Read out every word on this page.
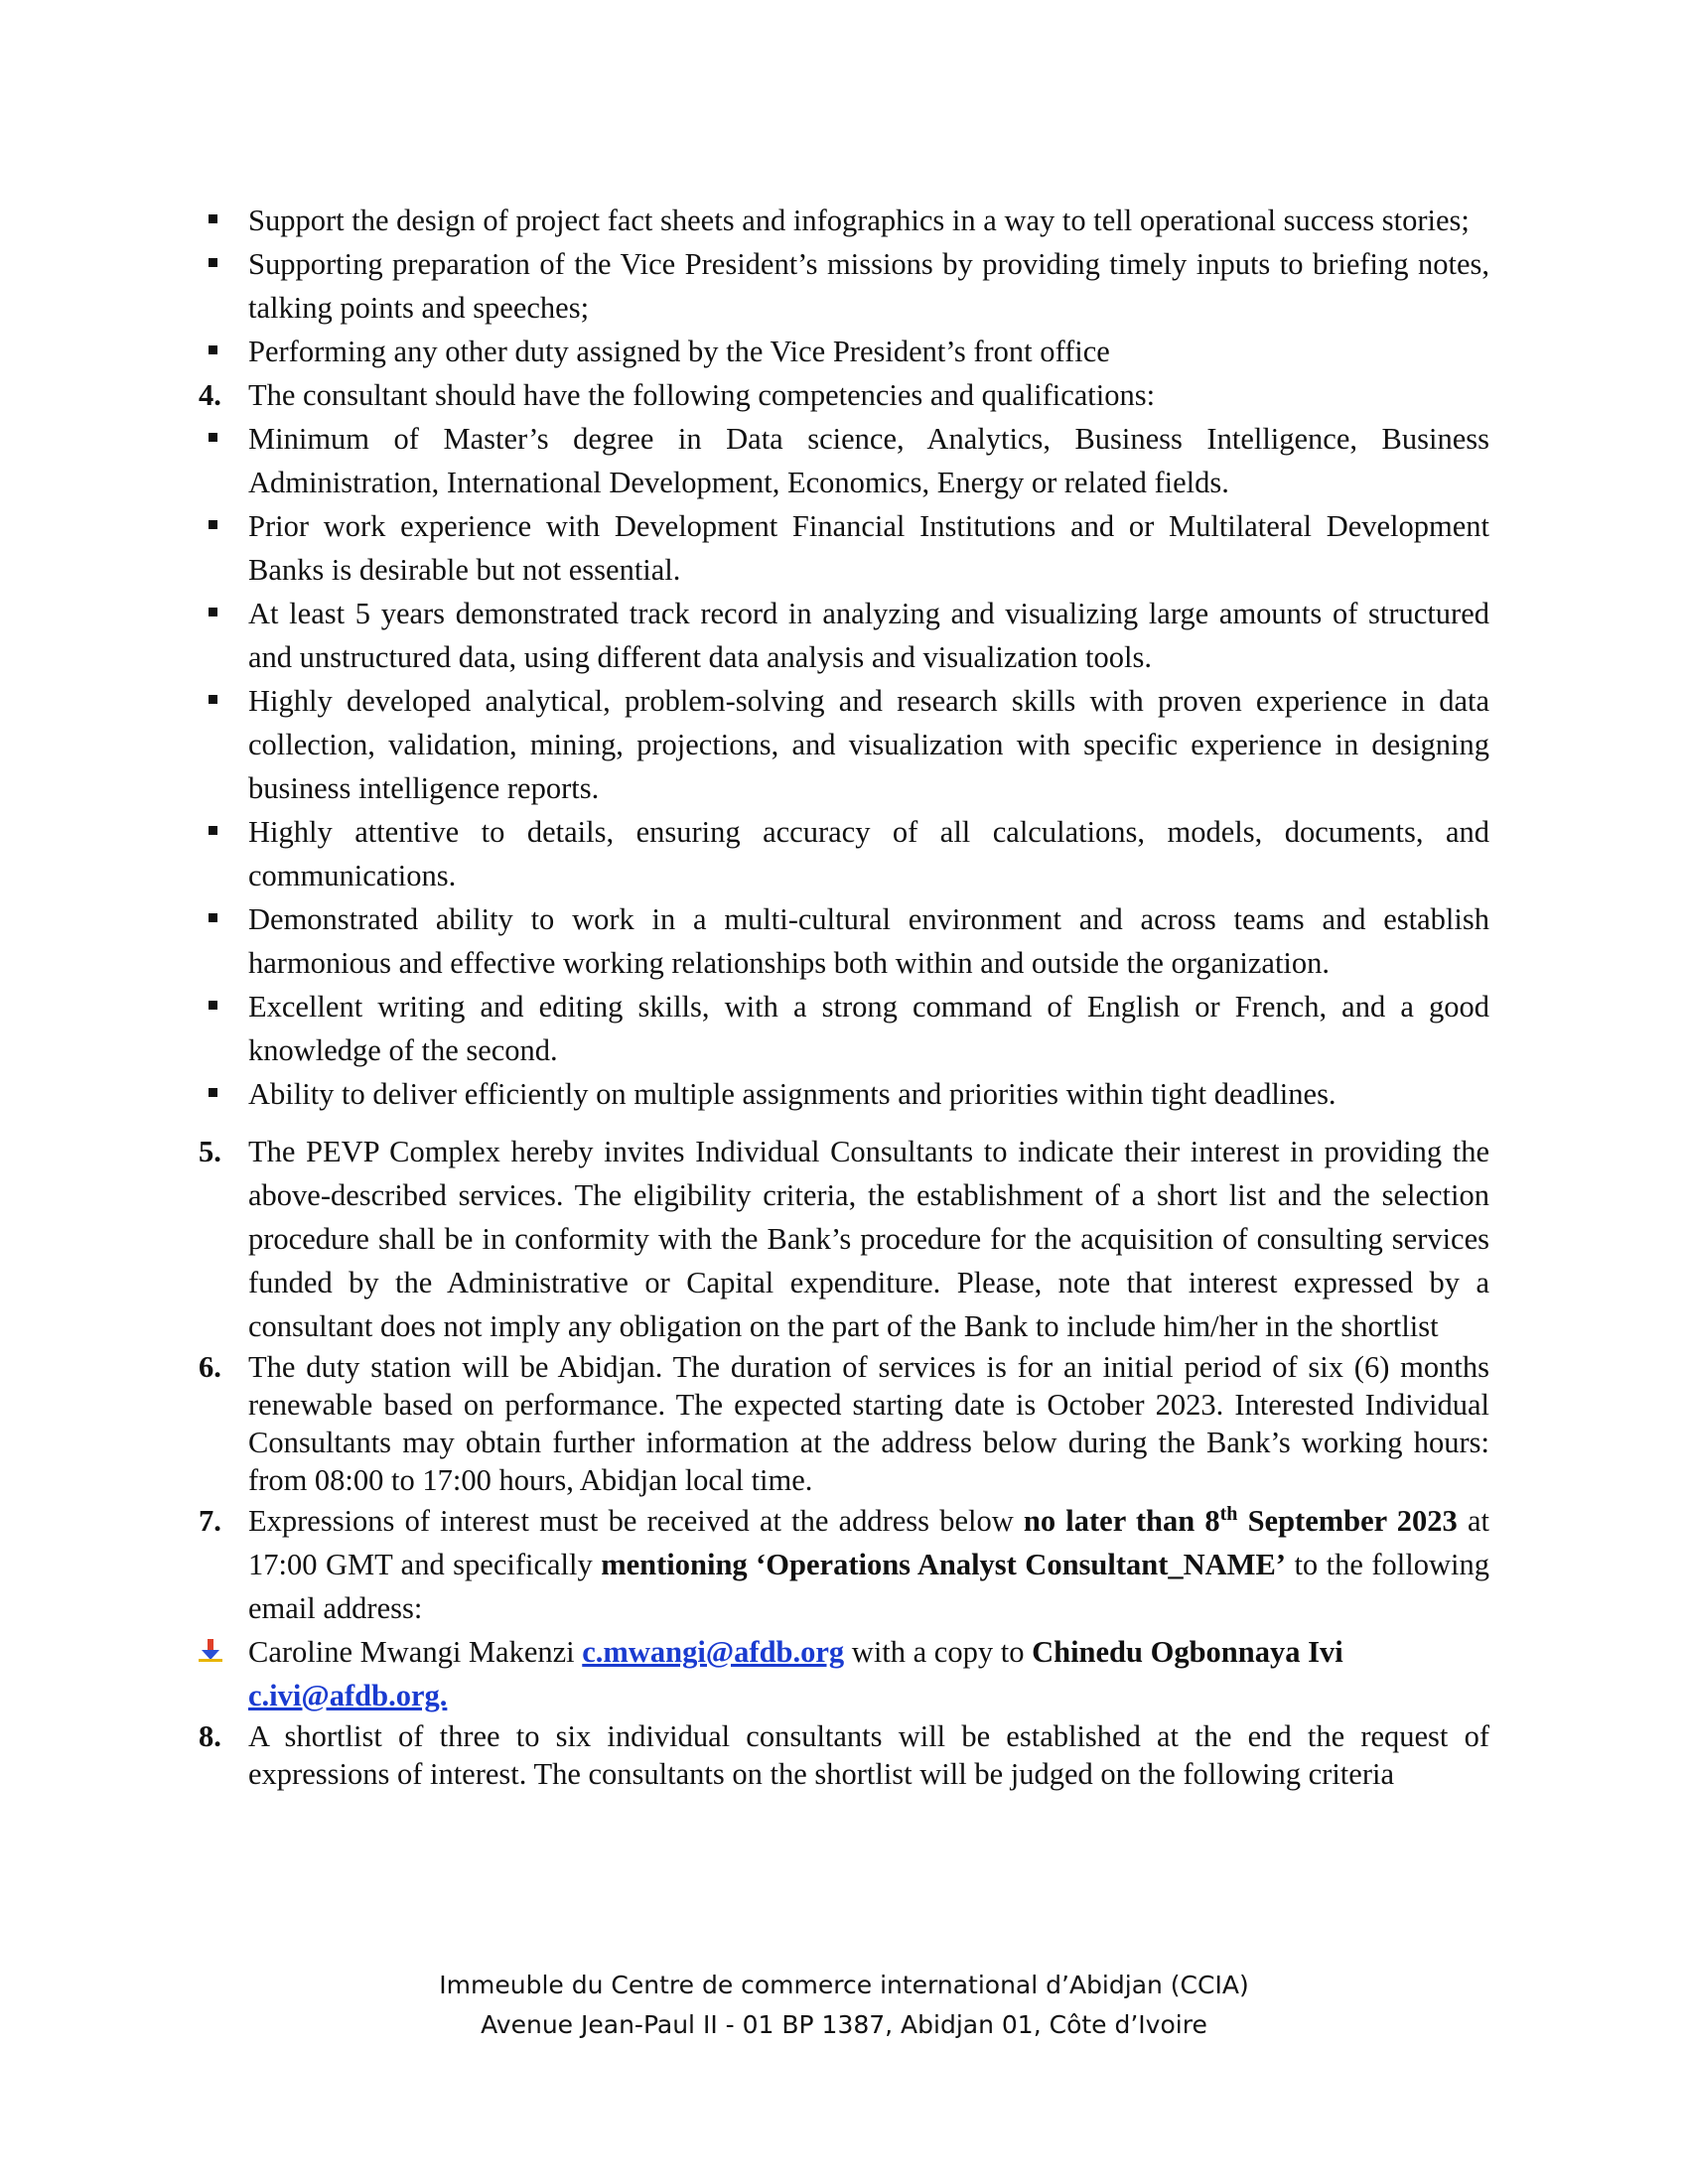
Support the design of project fact sheets and infographics in a way to tell operational success stories;
Supporting preparation of the Vice President’s missions by providing timely inputs to briefing notes, talking points and speeches;
Performing any other duty assigned by the Vice President’s front office
4. The consultant should have the following competencies and qualifications:
Minimum of Master’s degree in Data science, Analytics, Business Intelligence, Business Administration, International Development, Economics, Energy or related fields.
Prior work experience with Development Financial Institutions and or Multilateral Development Banks is desirable but not essential.
At least 5 years demonstrated track record in analyzing and visualizing large amounts of structured and unstructured data, using different data analysis and visualization tools.
Highly developed analytical, problem-solving and research skills with proven experience in data collection, validation, mining, projections, and visualization with specific experience in designing business intelligence reports.
Highly attentive to details, ensuring accuracy of all calculations, models, documents, and communications.
Demonstrated ability to work in a multi-cultural environment and across teams and establish harmonious and effective working relationships both within and outside the organization.
Excellent writing and editing skills, with a strong command of English or French, and a good knowledge of the second.
Ability to deliver efficiently on multiple assignments and priorities within tight deadlines.
5. The PEVP Complex hereby invites Individual Consultants to indicate their interest in providing the above-described services. The eligibility criteria, the establishment of a short list and the selection procedure shall be in conformity with the Bank’s procedure for the acquisition of consulting services funded by the Administrative or Capital expenditure. Please, note that interest expressed by a consultant does not imply any obligation on the part of the Bank to include him/her in the shortlist
6. The duty station will be Abidjan. The duration of services is for an initial period of six (6) months renewable based on performance. The expected starting date is October 2023. Interested Individual Consultants may obtain further information at the address below during the Bank’s working hours: from 08:00 to 17:00 hours, Abidjan local time.
7. Expressions of interest must be received at the address below no later than 8th September 2023 at 17:00 GMT and specifically mentioning ‘Operations Analyst Consultant_NAME’ to the following email address:
Caroline Mwangi Makenzi c.mwangi@afdb.org with a copy to Chinedu Ogbonnaya Ivi
c.ivi@afdb.org.
8. A shortlist of three to six individual consultants will be established at the end the request of expressions of interest. The consultants on the shortlist will be judged on the following criteria
Immeuble du Centre de commerce international d’Abidjan (CCIA)
Avenue Jean-Paul II - 01 BP 1387, Abidjan 01, Côte d’Ivoire
